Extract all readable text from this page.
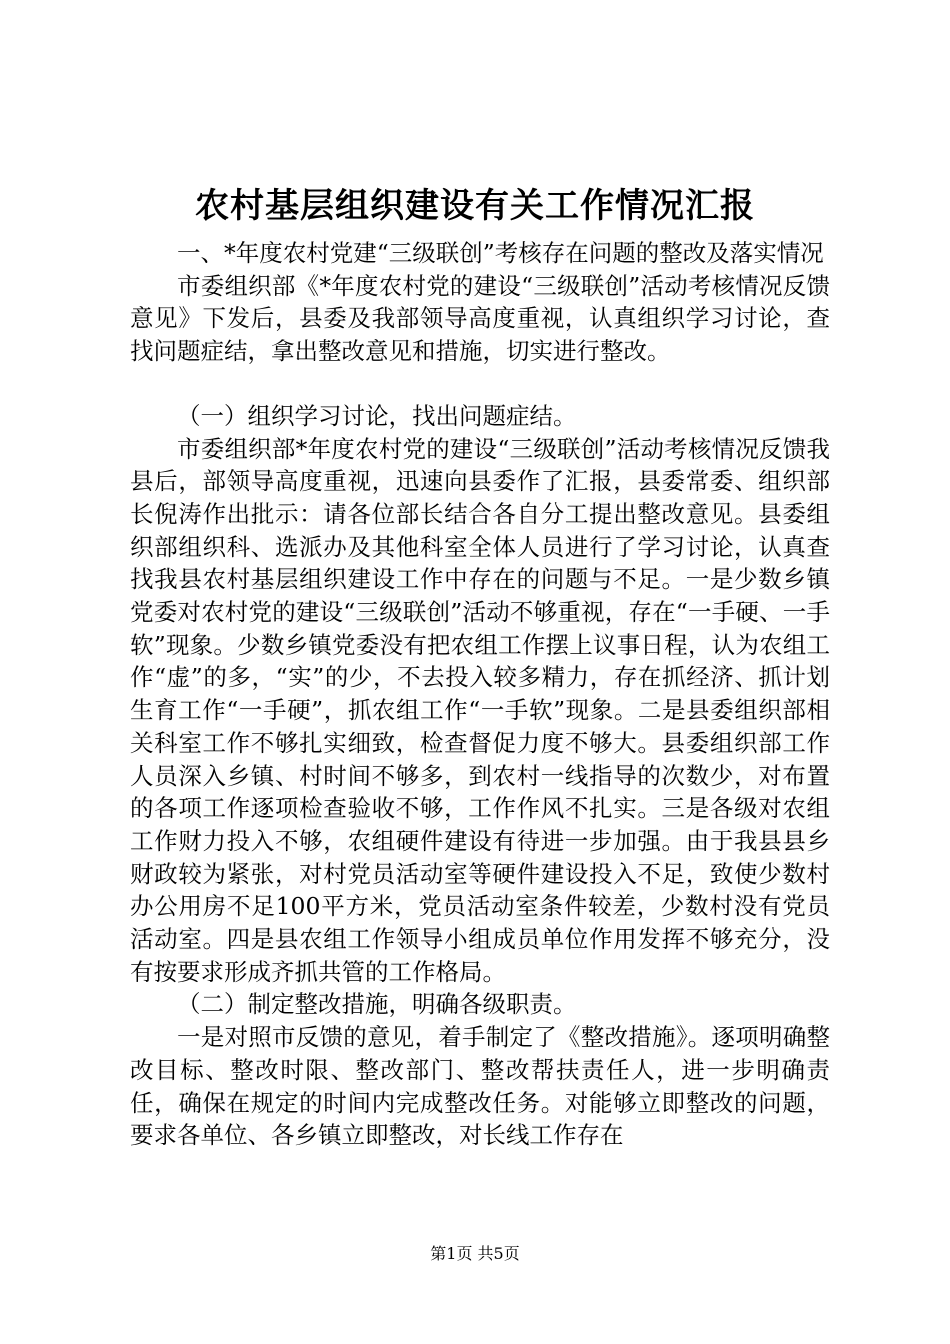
农村基层组织建设有关工作情况汇报

一、*年度农村党建“三级联创”考核存在问题的整改及落实情况

市委组织部《*年度农村党的建设“三级联创”活动考核情况反馈意见》下发后，县委及我部领导高度重视，认真组织学习讨论，查找问题症结，拿出整改意见和措施，切实进行整改。

（一）组织学习讨论，找出问题症结。

市委组织部*年度农村党的建设“三级联创”活动考核情况反馈我县后，部领导高度重视，迅速向县委作了汇报，县委常委、组织部长倪涛作出批示：请各位部长结合各自分工提出整改意见。县委组织部组织科、选派办及其他科室全体人员进行了学习讨论，认真查找我县农村基层组织建设工作中存在的问题与不足。一是少数乡镇党委对农村党的建设“三级联创”活动不够重视，存在“一手硬、一手软”现象。少数乡镇党委没有把农组工作摆上议事日程，认为农组工作“虚”的多，“实”的少，不去投入较多精力，存在抓经济、抓计划生育工作“一手硬”，抓农组工作“一手软”现象。二是县委组织部相关科室工作不够扎实细致，检查督促力度不够大。县委组织部工作人员深入乡镇、村时间不够多，到农村一线指导的次数少，对布置的各项工作逐项检查验收不够，工作作风不扎实。三是各级对农组工作财力投入不够，农组硬件建设有待进一步加强。由于我县县乡财政较为紧张，对村党员活动室等硬件建设投入不足，致使少数村办公用房不足100平方米，党员活动室条件较差，少数村没有党员活动室。四是县农组工作领导小组成员单位作用发挥不够充分，没有按要求形成齐抓共管的工作格局。

（二）制定整改措施，明确各级职责。

一是对照市反馈的意见，着手制定了《整改措施》。逐项明确整改目标、整改时限、整改部门、整改帮扶责任人，进一步明确责任，确保在规定的时间内完成整改任务。对能够立即整改的问题，要求各单位、各乡镇立即整改，对长线工作存在

第1页 共5页
